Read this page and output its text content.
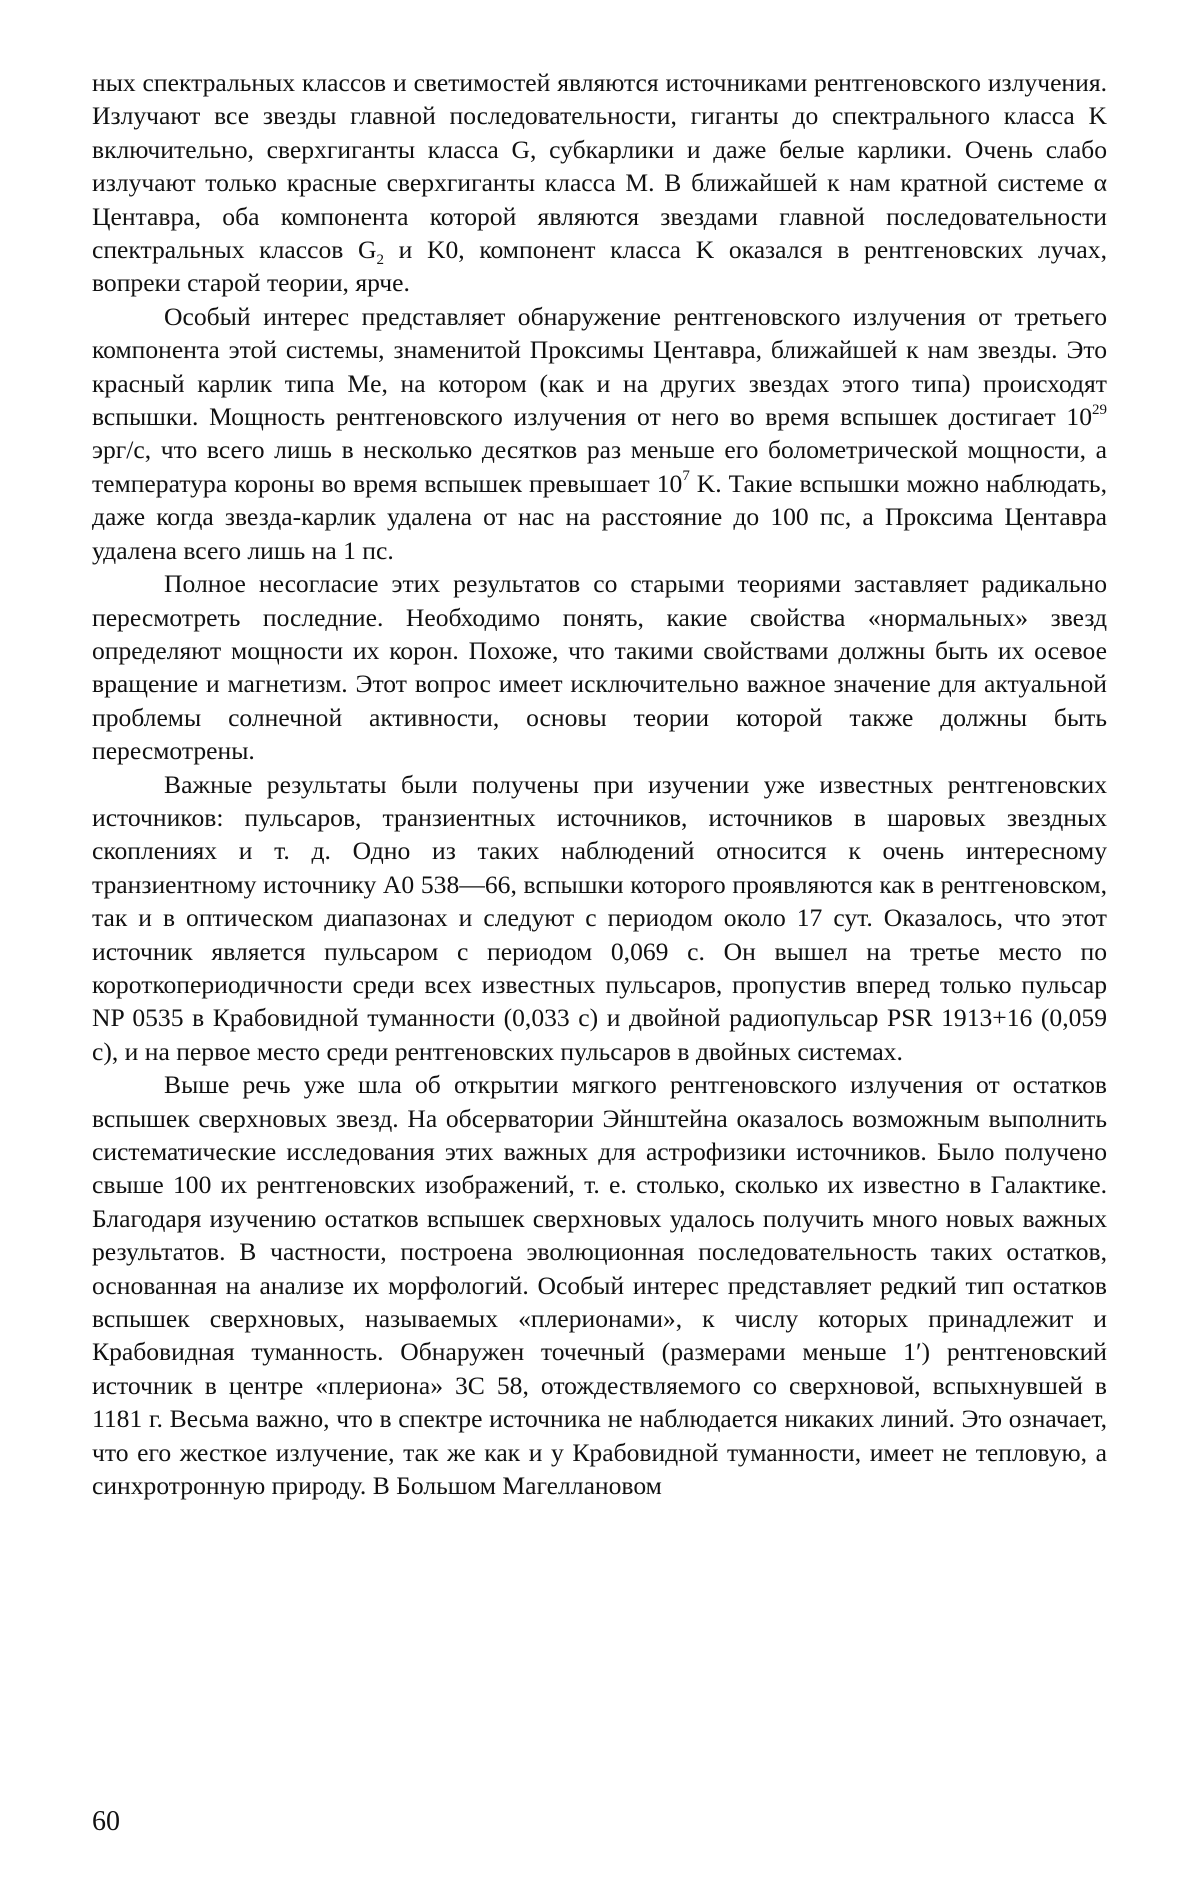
ных спектральных классов и светимостей являются источниками рентгеновского излучения. Излучают все звезды главной последовательности, гиганты до спектрального класса K включительно, сверхгиганты класса G, субкарлики и даже белые карлики. Очень слабо излучают только красные сверхгиганты класса M. В ближайшей к нам кратной системе α Центавра, оба компонента которой являются звездами главной последовательности спектральных классов $G_2$ и K0, компонент класса K оказался в рентгеновских лучах, вопреки старой теории, ярче.

Особый интерес представляет обнаружение рентгеновского излучения от третьего компонента этой системы, знаменитой Проксимы Центавра, ближайшей к нам звезды. Это красный карлик типа Me, на котором (как и на других звездах этого типа) происходят вспышки. Мощность рентгеновского излучения от него во время вспышек достигает $10^{29}$ эрг/с, что всего лишь в несколько десятков раз меньше его болометрической мощности, а температура короны во время вспышек превышает $10^7$ K. Такие вспышки можно наблюдать, даже когда звезда-карлик удалена от нас на расстояние до 100 пс, а Проксима Центавра удалена всего лишь на 1 пс.

Полное несогласие этих результатов со старыми теориями заставляет радикально пересмотреть последние. Необходимо понять, какие свойства «нормальных» звезд определяют мощности их корон. Похоже, что такими свойствами должны быть их осевое вращение и магнетизм. Этот вопрос имеет исключительно важное значение для актуальной проблемы солнечной активности, основы теории которой также должны быть пересмотрены.

Важные результаты были получены при изучении уже известных рентгеновских источников: пульсаров, транзиентных источников, источников в шаровых звездных скоплениях и т. д. Одно из таких наблюдений относится к очень интересному транзиентному источнику A0 538—66, вспышки которого проявляются как в рентгеновском, так и в оптическом диапазонах и следуют с периодом около 17 сут. Оказалось, что этот источник является пульсаром с периодом 0,069 с. Он вышел на третье место по короткопериодичности среди всех известных пульсаров, пропустив вперед только пульсар NP 0535 в Крабовидной туманности (0,033 с) и двойной радиопульсар PSR 1913+16 (0,059 с), и на первое место среди рентгеновских пульсаров в двойных системах.

Выше речь уже шла об открытии мягкого рентгеновского излучения от остатков вспышек сверхновых звезд. На обсерватории Эйнштейна оказалось возможным выполнить систематические исследования этих важных для астрофизики источников. Было получено свыше 100 их рентгеновских изображений, т. е. столько, сколько их известно в Галактике. Благодаря изучению остатков вспышек сверхновых удалось получить много новых важных результатов. В частности, построена эволюционная последовательность таких остатков, основанная на анализе их морфологий. Особый интерес представляет редкий тип остатков вспышек сверхновых, называемых «плерионами», к числу которых принадлежит и Крабовидная туманность. Обнаружен точечный (размерами меньше 1′) рентгеновский источник в центре «плериона» 3C 58, отождествляемого со сверхновой, вспыхнувшей в 1181 г. Весьма важно, что в спектре источника не наблюдается никаких линий. Это означает, что его жесткое излучение, так же как и у Крабовидной туманности, имеет не тепловую, а синхротронную природу. В Большом Магеллановом

60
